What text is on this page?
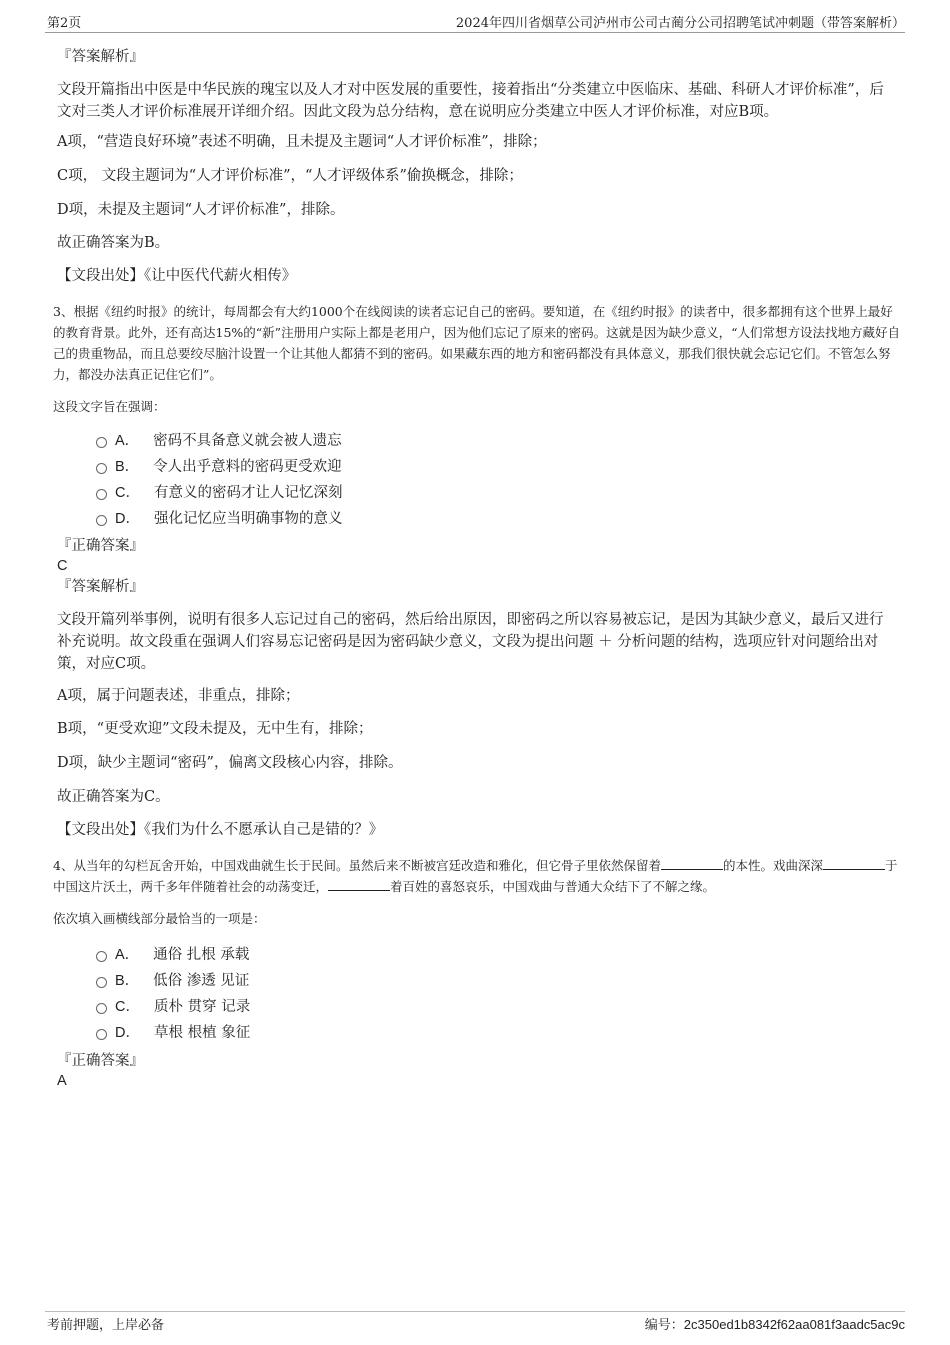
第2页	2024年四川省烟草公司泸州市公司古蔺分公司招聘笔试冲刺题（带答案解析）
『答案解析』
文段开篇指出中医是中华民族的瑰宝以及人才对中医发展的重要性，接着指出“分类建立中医临床、基础、科研人才评价标准”，后文对三类人才评价标准展开详细介绍。因此文段为总分结构，意在说明应分类建立中医人才评价标准，对应B项。
A项，“营造良好环境”表述不明确，且未提及主题词“人才评价标准”，排除；
C项， 文段主题词为“人才评价标准”，“人才评级体系”偷换概念，排除；
D项，未提及主题词“人才评价标准”，排除。
故正确答案为B。
【文段出处】《让中医代代薪火相传》
3、根据《纽约时报》的统计，每周都会有大约1000个在线阅读的读者忘记自己的密码。要知道，在《纽约时报》的读者中，很多都拥有这个世界上最好的教育背景。此外，还有高达15%的“新”注册用户实际上都是老用户，因为他们忘记了原来的密码。这就是因为缺少意义，“人们常想方设法找地方藏好自己的贵重物品，而且总要绞尽脑汁设置一个让其他人都猜不到的密码。如果藏东西的地方和密码都没有具体意义，那我们很快就会忘记它们。不管怎么努力，都没办法真正记住它们”。
这段文字旨在强调：
A． 密码不具备意义就会被人遗忘
B． 令人出乎意料的密码更受欢迎
C． 有意义的密码才让人记忆深刻
D． 强化记忆应当明确事物的意义
『正确答案』
C
『答案解析』
文段开篇列举事例，说明有很多人忘记过自己的密码，然后给出原因，即密码之所以容易被忘记，是因为其缺少意义，最后又进行补充说明。故文段重在强调人们容易忘记密码是因为密码缺少意义，文段为提出问题 ＋ 分析问题的结构，选项应针对问题给出对策，对应C项。
A项，属于问题表述，非重点，排除；
B项，“更受欢迎”文段未提及，无中生有，排除；
D项，缺少主题词“密码”，偏离文段核心内容，排除。
故正确答案为C。
【文段出处】《我们为什么不愿承认自己是错的？》
4、从当年的勾栏瓦舍开始，中国戏曲就生长于民间。虽然后来不断被宫廷改造和雅化，但它骨子里依然保留着	的本性。戏曲深深	于中国这片沃土，两千多年伴随着社会的动荡变迁，	着百姓的喜怒哀乐，中国戏曲与普通大众结下了不解之缘。
依次填入画横线部分最恰当的一项是：
A． 通俗 扎根 承载
B． 低俗 渗透 见证
C． 质朴 贯穿 记录
D． 草根 根植 象征
『正确答案』
A
考前押题，上岸必备	编号：2c350ed1b8342f62aa081f3aadc5ac9c
